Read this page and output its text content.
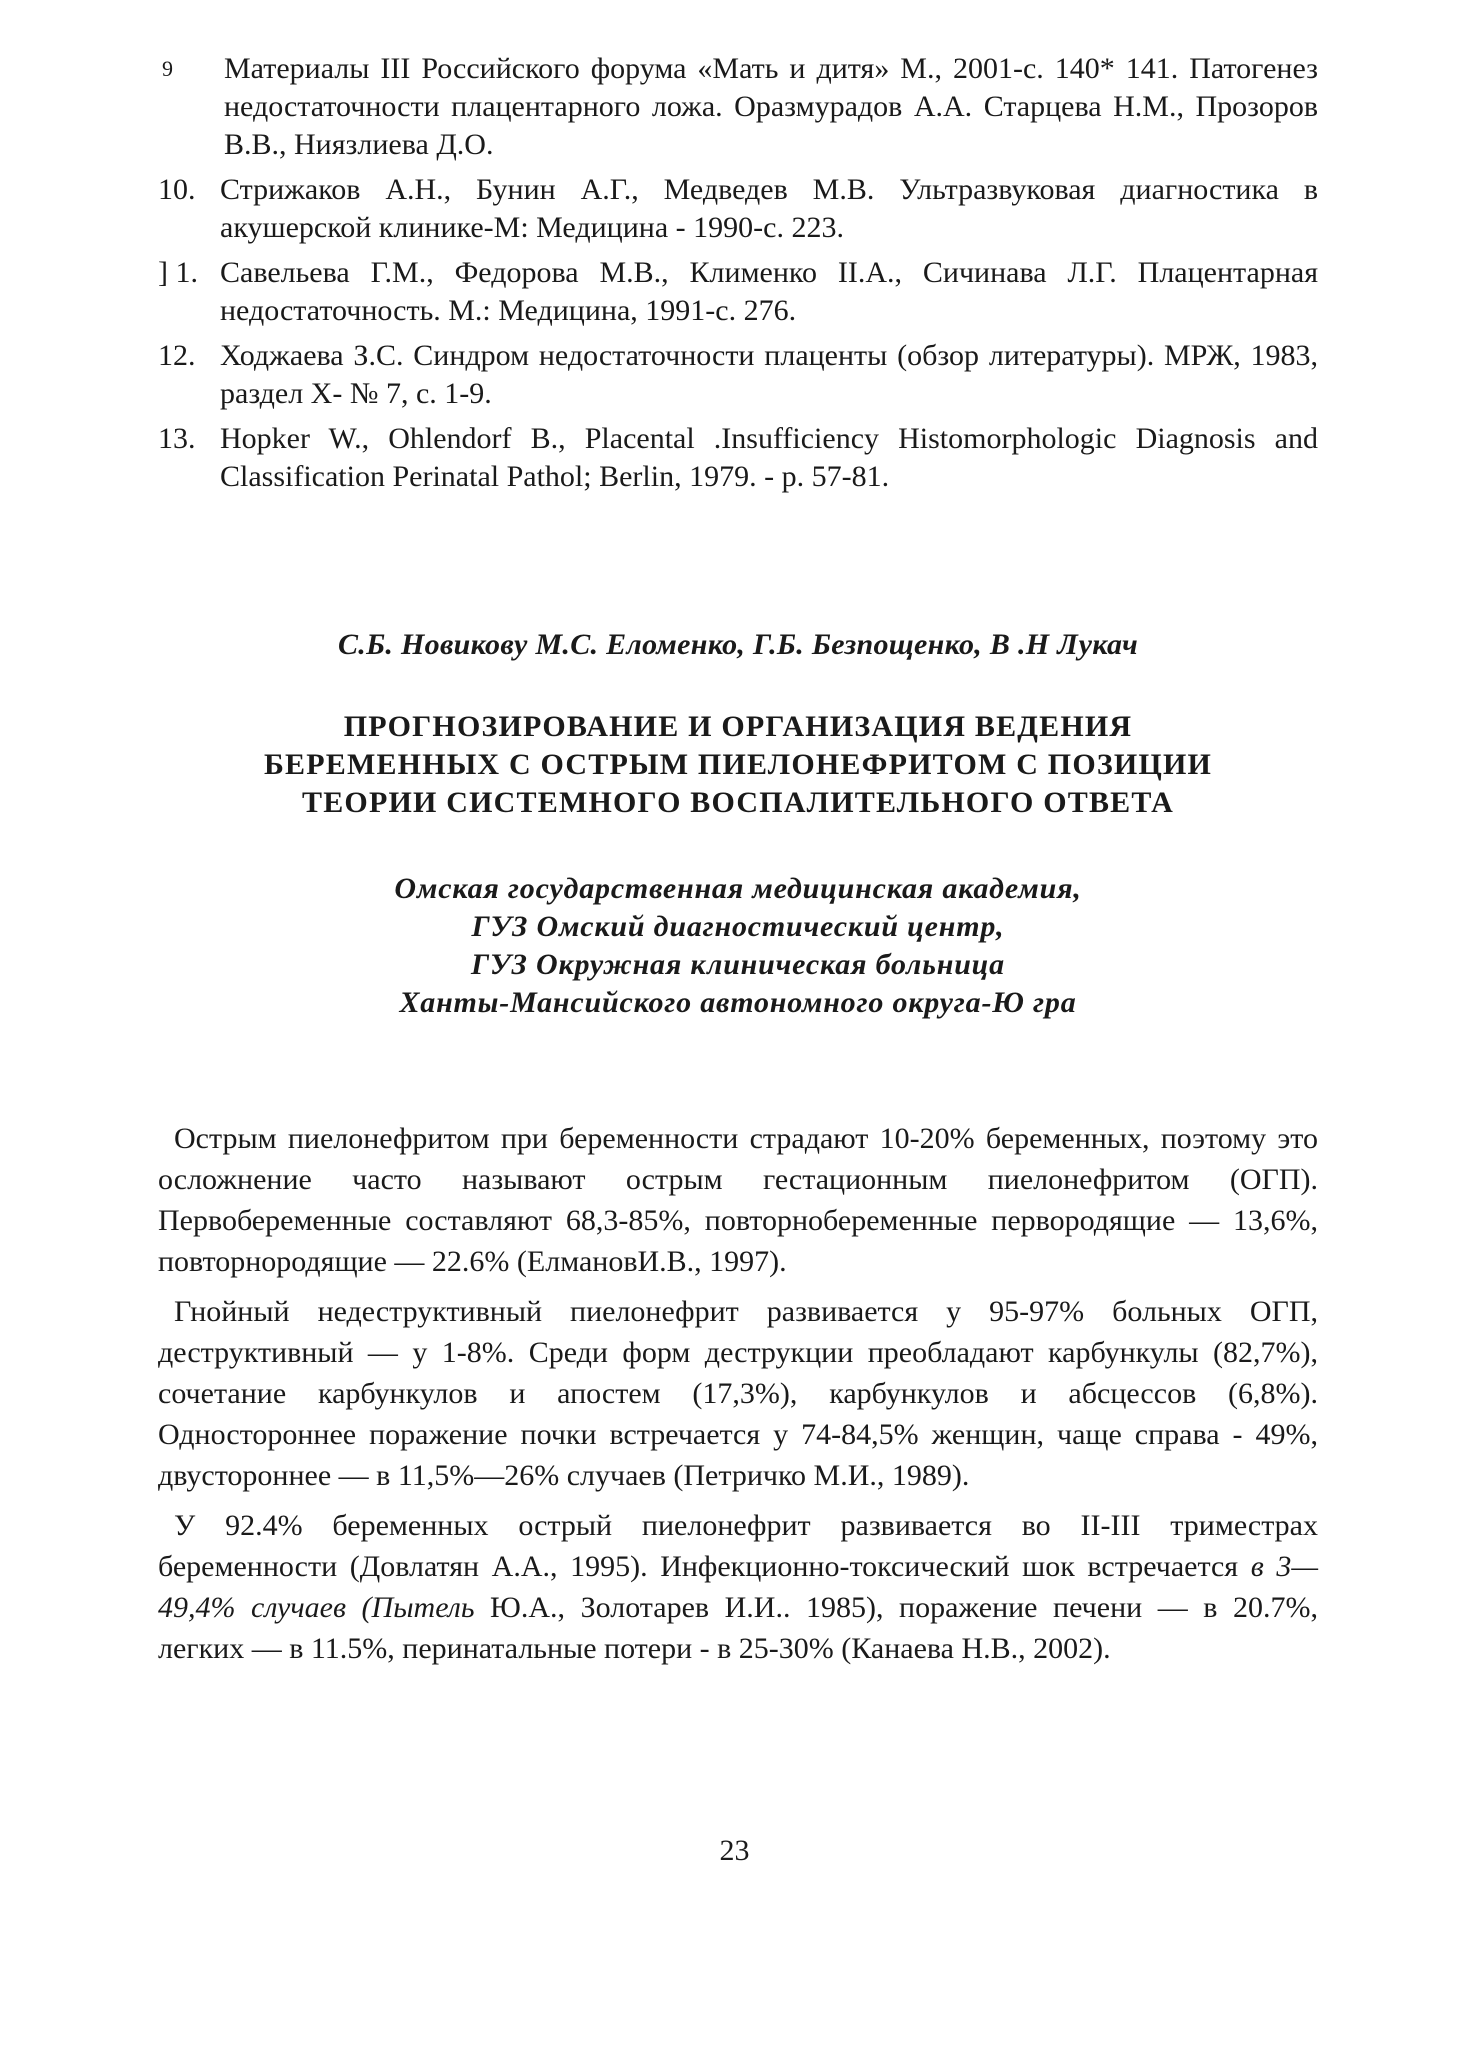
9	Материалы III Российского форума «Мать и дитя» М., 2001-с. 140* 141. Патогенез недостаточности плацентарного ложа. Оразмурадов А.А. Старцева Н.М., Прозоров В.В., Ниязлиева Д.О.
10. Стрижаков А.Н., Бунин А.Г., Медведев М.В. Ультразвуковая диагностика в акушерской клинике-М: Медицина - 1990-с. 223.
] 1. Савельева Г.М., Федорова М.В., Клименко II.А., Сичинава Л.Г. Плацентарная недостаточность. М.: Медицина, 1991-с. 276.
12. Ходжаева З.С. Синдром недостаточности плаценты (обзор литературы). МРЖ, 1983, раздел X- № 7, с. 1-9.
13. Hopker W., Ohlendorf В., Placental .Insufficiency Histomorphologic Diagnosis and Classification Perinatal Pathol; Berlin, 1979. - p. 57-81.
С.Б. Новикову М.С. Еломенко, Г.Б. Безпощенко, В .Н Лукач
ПРОГНОЗИРОВАНИЕ И ОРГАНИЗАЦИЯ ВЕДЕНИЯ
БЕРЕМЕННЫХ С ОСТРЫМ ПИЕЛОНЕФРИТОМ С ПОЗИЦИИ
ТЕОРИИ СИСТЕМНОГО ВОСПАЛИТЕЛЬНОГО ОТВЕТА
Омская государственная медицинская академия,
ГУЗ Омский диагностический центр,
ГУЗ Окружная клиническая больница
Ханты-Мансийского автономного округа-Ю гра

Острым пиелонефритом при беременности страдают 10-20% беременных, поэтому это осложнение часто называют острым гестационным пиелонефритом (ОГП). Первобеременные составляют 68,3-85%, повторнобеременные первородящие — 13,6%, повторнородящие — 22.6% (ЕлмановИ.В., 1997).

Гнойный недеструктивный пиелонефрит развивается у 95-97% больных ОГП, деструктивный — у 1-8%. Среди форм деструкции преобладают карбункулы (82,7%), сочетание карбункулов и апостем (17,3%), карбункулов и абсцессов (6,8%). Одностороннее поражение почки встречается у 74-84,5% женщин, чаще справа - 49%, двустороннее — в 11,5%—26% случаев (Петричко М.И., 1989).

У 92.4% беременных острый пиелонефрит развивается во II-III триместрах беременности (Довлатян А.А., 1995). Инфекционно-токсический шок встречается в 3—49,4% случаев (Пытель Ю.А., Золотарев И.И.. 1985), поражение печени — в 20.7%, легких — в 11.5%, перинатальные потери - в 25-30% (Канаева Н.В., 2002).

23
